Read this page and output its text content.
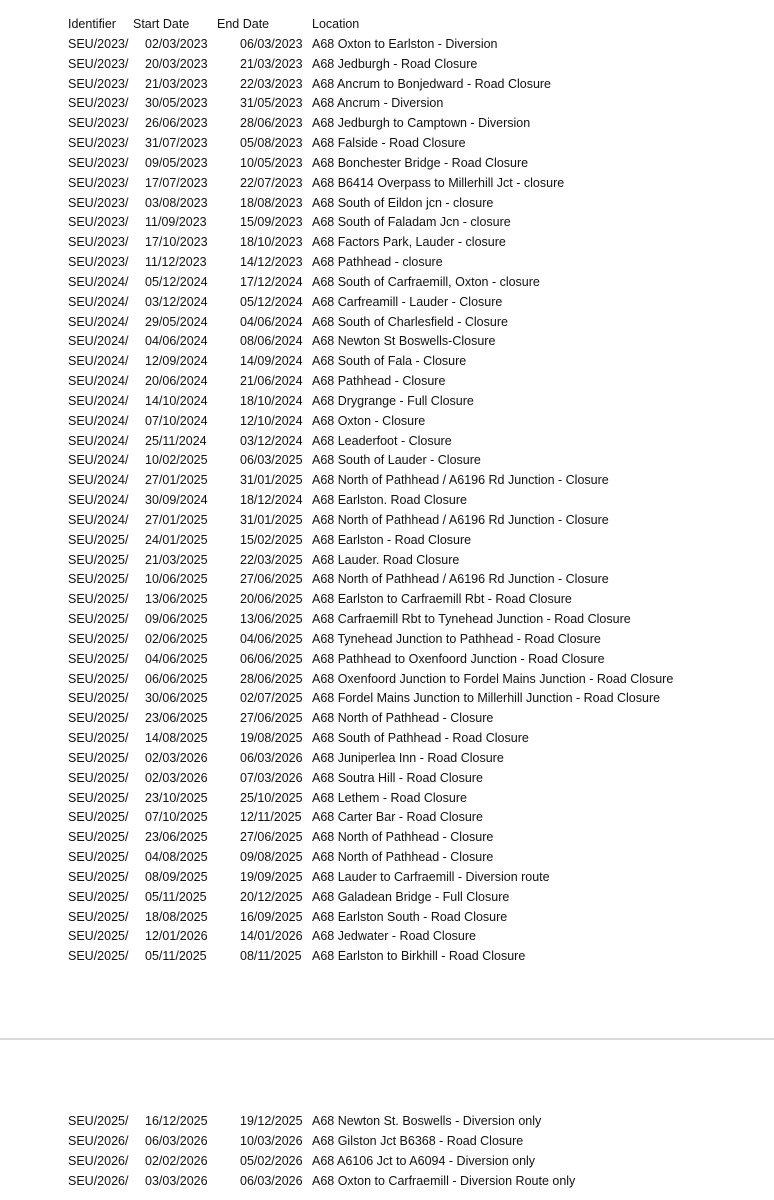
Identifier Start Date End Date	Location
SEU/2023/ 02/03/2023	06/03/2023 A68 Oxton to Earlston - Diversion
SEU/2023/ 20/03/2023	21/03/2023 A68 Jedburgh - Road Closure
SEU/2023/ 21/03/2023	22/03/2023 A68 Ancrum to Bonjedward - Road Closure
SEU/2023/ 30/05/2023	31/05/2023 A68 Ancrum - Diversion
SEU/2023/ 26/06/2023	28/06/2023 A68 Jedburgh to Camptown - Diversion
SEU/2023/ 31/07/2023	05/08/2023 A68 Falside - Road Closure
SEU/2023/ 09/05/2023	10/05/2023 A68 Bonchester Bridge - Road Closure
SEU/2023/ 17/07/2023	22/07/2023 A68 B6414 Overpass to Millerhill Jct - closure
SEU/2023/ 03/08/2023	18/08/2023 A68 South of Eildon jcn - closure
SEU/2023/ 11/09/2023	15/09/2023 A68 South of Faladam Jcn - closure
SEU/2023/ 17/10/2023	18/10/2023 A68 Factors Park, Lauder - closure
SEU/2023/ 11/12/2023	14/12/2023 A68 Pathhead - closure
SEU/2024/ 05/12/2024	17/12/2024 A68 South of Carfraemill, Oxton - closure
SEU/2024/ 03/12/2024	05/12/2024 A68 Carfreamill - Lauder - Closure
SEU/2024/ 29/05/2024	04/06/2024 A68 South of Charlesfield - Closure
SEU/2024/ 04/06/2024	08/06/2024 A68 Newton St Boswells-Closure
SEU/2024/ 12/09/2024	14/09/2024 A68 South of Fala - Closure
SEU/2024/ 20/06/2024	21/06/2024 A68 Pathhead - Closure
SEU/2024/ 14/10/2024	18/10/2024 A68 Drygrange - Full Closure
SEU/2024/ 07/10/2024	12/10/2024 A68 Oxton - Closure
SEU/2024/ 25/11/2024	03/12/2024 A68 Leaderfoot - Closure
SEU/2024/ 10/02/2025	06/03/2025 A68 South of Lauder - Closure
SEU/2024/ 27/01/2025	31/01/2025 A68 North of Pathhead / A6196 Rd Junction - Closure
SEU/2024/ 30/09/2024	18/12/2024 A68 Earlston. Road Closure
SEU/2024/ 27/01/2025	31/01/2025 A68 North of Pathhead / A6196 Rd Junction - Closure
SEU/2025/ 24/01/2025	15/02/2025 A68 Earlston - Road Closure
SEU/2025/ 21/03/2025	22/03/2025 A68 Lauder. Road Closure
SEU/2025/ 10/06/2025	27/06/2025 A68 North of Pathhead / A6196 Rd Junction - Closure
SEU/2025/ 13/06/2025	20/06/2025 A68 Earlston to Carfraemill Rbt - Road Closure
SEU/2025/ 09/06/2025	13/06/2025 A68 Carfraemill Rbt to Tynehead Junction - Road Closure
SEU/2025/ 02/06/2025	04/06/2025 A68 Tynehead Junction to Pathhead - Road Closure
SEU/2025/ 04/06/2025	06/06/2025 A68 Pathhead to Oxenfoord Junction - Road Closure
SEU/2025/ 06/06/2025	28/06/2025 A68 Oxenfoord Junction to Fordel Mains Junction - Road Closure
SEU/2025/ 30/06/2025	02/07/2025 A68 Fordel Mains Junction to Millerhill Junction - Road Closure
SEU/2025/ 23/06/2025	27/06/2025 A68 North of Pathhead - Closure
SEU/2025/ 14/08/2025	19/08/2025 A68 South of Pathhead - Road Closure
SEU/2025/ 02/03/2026	06/03/2026 A68 Juniperlea Inn - Road Closure
SEU/2025/ 02/03/2026	07/03/2026 A68 Soutra Hill - Road Closure
SEU/2025/ 23/10/2025	25/10/2025 A68 Lethem - Road Closure
SEU/2025/ 07/10/2025	12/11/2025 A68 Carter Bar - Road Closure
SEU/2025/ 23/06/2025	27/06/2025 A68 North of Pathhead - Closure
SEU/2025/ 04/08/2025	09/08/2025 A68 North of Pathhead - Closure
SEU/2025/ 08/09/2025	19/09/2025 A68 Lauder to Carfraemill - Diversion route
SEU/2025/ 05/11/2025	20/12/2025 A68 Galadean Bridge - Full Closure
SEU/2025/ 18/08/2025	16/09/2025 A68 Earlston South - Road Closure
SEU/2025/ 12/01/2026	14/01/2026 A68 Jedwater - Road Closure
SEU/2025/ 05/11/2025	08/11/2025 A68 Earlston to Birkhill - Road Closure
SEU/2025/ 16/12/2025	19/12/2025 A68 Newton St. Boswells - Diversion only
SEU/2026/ 06/03/2026	10/03/2026 A68 Gilston Jct B6368 - Road Closure
SEU/2026/ 02/02/2026	05/02/2026 A68 A6106 Jct to A6094 - Diversion only
SEU/2026/ 03/03/2026	06/03/2026 A68 Oxton to Carfraemill - Diversion Route only
